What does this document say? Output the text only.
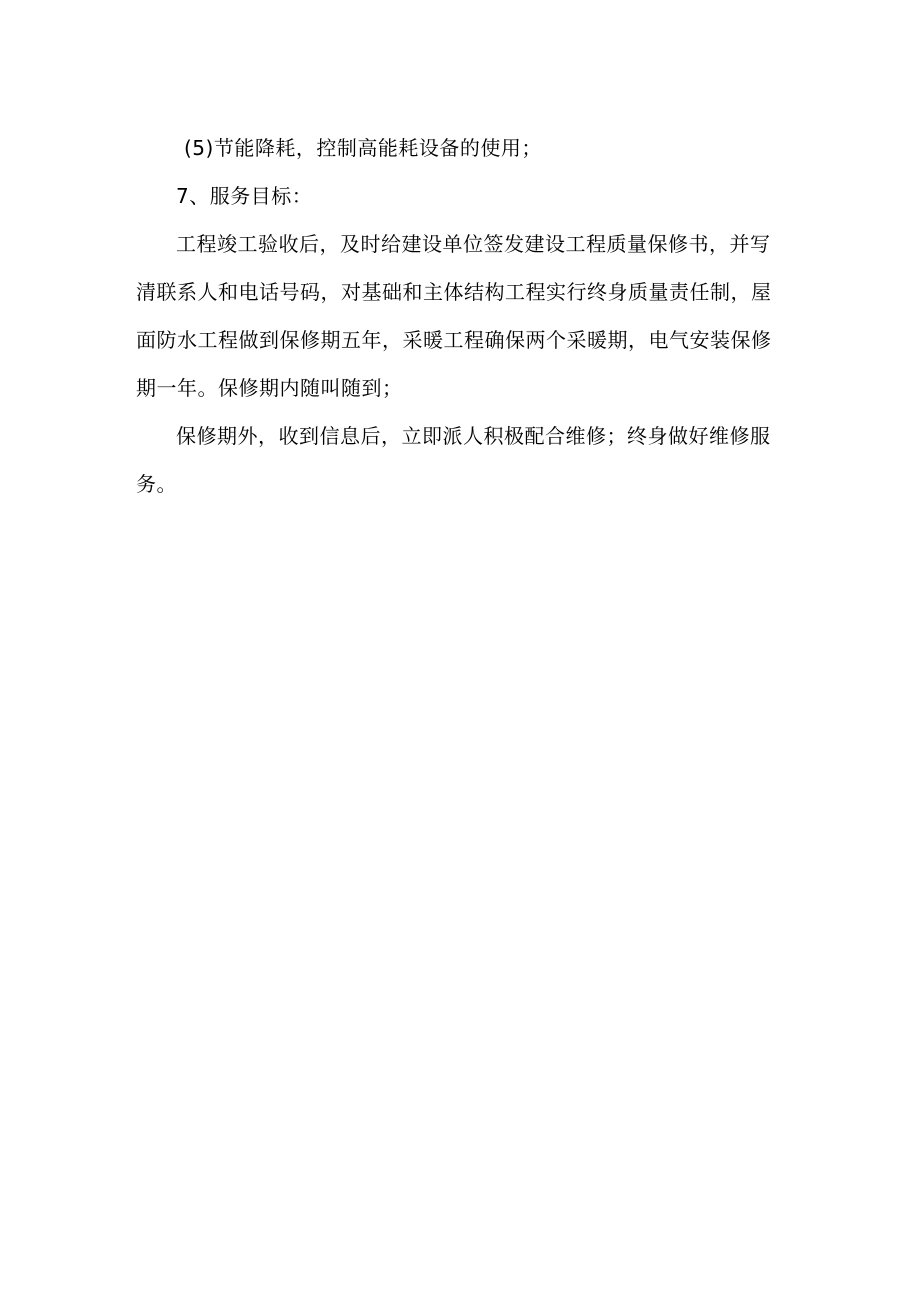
(5)节能降耗，控制高能耗设备的使用；

7、服务目标：

工程竣工验收后，及时给建设单位签发建设工程质量保修书，并写清联系人和电话号码，对基础和主体结构工程实行终身质量责任制，屋面防水工程做到保修期五年，采暖工程确保两个采暖期，电气安装保修期一年。保修期内随叫随到；

保修期外，收到信息后，立即派人积极配合维修；终身做好维修服务。
